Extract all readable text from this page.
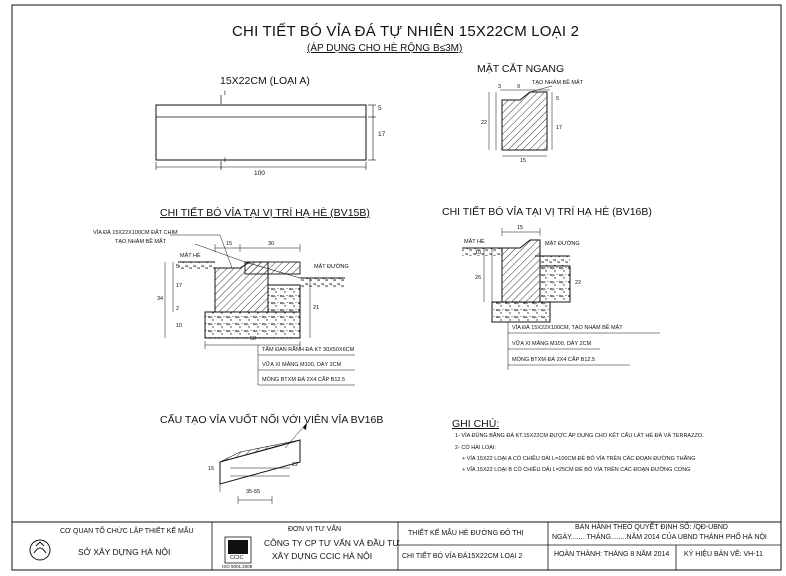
CHI TIẾT BÓ VỈA ĐÁ TỰ NHIÊN 15X22CM LOẠI 2
(ÁP DỤNG CHO HÈ RỘNG B≤3M)
15X22CM (LOẠI A)
5
17
100
I
I
MẶT CẮT NGANG
TẠO NHÁM BỀ MẶT
3	9
22
17
5
15
CHI TIẾT BÓ VỈA TẠI VỊ TRÍ HẠ HÈ (BV15B)
VỈA ĐÁ 15X22X100CM ĐẤT CHÌM
TẠO NHÁM BỀ MẶT
MẶT HÈ
MẶT ĐƯỜNG
15	30
50
5
17
34
21
10
2
TẤM ĐAN RÃNH ĐÁ KT 30X50X6CM
VỮA XI MĂNG M100, DÀY 2CM
MÓNG BTXM ĐÁ 2X4 CẤP B12.5
CHI TIẾT BÓ VỈA TẠI VỊ TRÍ HẠ HÈ (BV16B)
MẶT HÈ	MẶT ĐƯỜNG
15
10
26
22
VỈA ĐÁ 15X22X100CM, TẠO NHÁM BỀ MẶT
VỮA XI MĂNG M100, DÀY 2CM
MÓNG BTXM ĐÁ 2X4 CẤP B12.5
CẤU TẠO VỈA VUỐT NỐI VỚI VIÊN VỈA BV16B
15
22
35-55
GHI CHÚ:
1- VỈA ĐÚNG BẰNG ĐÁ KT.15X22CM ĐƯỢC ÁP DỤNG CHO KẾT CẤU LÁT HÈ ĐÁ VÀ TERRAZZO.
2- CÓ HAI LOẠI:
+ VỈA 15X22 LOẠI A CÓ CHIỀU DÀI L=100CM ĐỂ BÓ VỈA TRÊN CÁC ĐOẠN ĐƯỜNG THẲNG
+ VỈA 15X22 LOẠI B CÓ CHIỀU DÀI L=25CM ĐỂ BÓ VỈA TRÊN CÁC ĐOẠN ĐƯỜNG CONG
CƠ QUAN TỔ CHỨC LẬP THIẾT KẾ MẪU
SỞ XÂY DỰNG HÀ NỘI
ĐƠN VỊ TƯ VẤN
CÔNG TY CP TƯ VẤN VÀ ĐẦU TƯ
XÂY DỰNG CCIC HÀ NỘI
CCIC
ISO 9001:2008
THIẾT KẾ MẪU HÈ ĐƯỜNG ĐÔ THỊ
CHI TIẾT BÓ VỈA ĐÁ15X22CM LOẠI 2
BAN HÀNH THEO QUYẾT ĐỊNH SỐ: /QĐ-UBND
NGÀY........THÁNG........NĂM 2014 CỦA UBND THÀNH PHỐ HÀ NỘI
HOÀN THÀNH: THÁNG 8 NĂM 2014 KÝ HIỆU BẢN VẼ: VH-11
